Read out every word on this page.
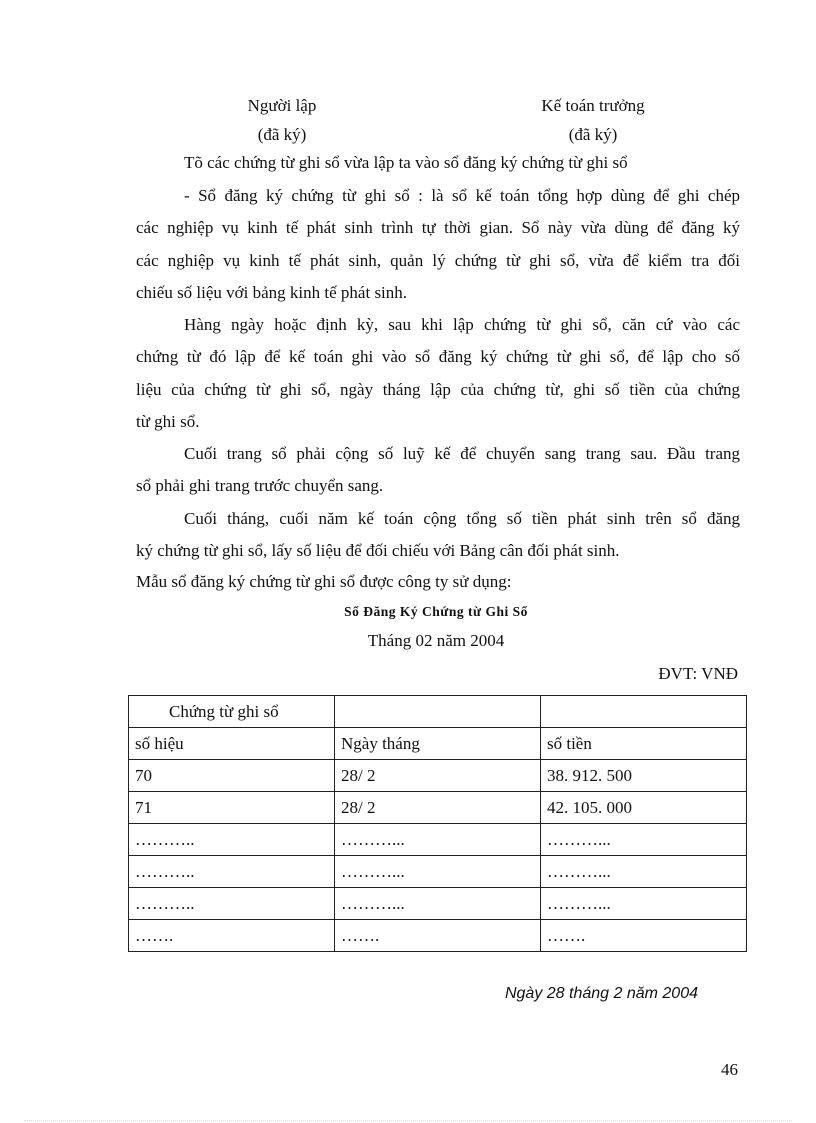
Người lập
(đã ký)
Kế toán trưởng
(đã ký)
Tõ các chứng từ ghi sổ vừa lập ta vào sổ đăng ký chứng từ ghi sổ
- Sổ đăng ký chứng từ ghi sổ : là sổ kế toán tổng hợp dùng để ghi chép
các nghiệp vụ kinh tế phát sinh trình tự thời gian. Sổ này vừa dùng để đăng ký
các nghiệp vụ kinh tế phát sinh, quản lý chứng từ ghi sổ, vừa để kiểm tra đối
chiếu số liệu với bảng kinh tế phát sinh.
Hàng ngày hoặc định kỳ, sau khi lập chứng từ ghi sổ, căn cứ vào các
chứng từ đó lập để kế toán ghi vào sổ đăng ký chứng từ ghi sổ, để lập cho số
liệu của chứng từ ghi sổ, ngày tháng lập của chứng từ, ghi số tiền của chứng
từ ghi sổ.
Cuối trang sổ phải cộng số luỹ kế để chuyển sang trang sau. Đầu trang
sổ phải ghi trang trước chuyển sang.
Cuối tháng, cuối năm kế toán cộng tổng số tiền phát sinh trên sổ đăng
ký chứng từ ghi sổ, lấy số liệu để đối chiếu với Bảng cân đối phát sinh.
Mẫu sổ đăng ký chứng từ ghi sổ được công ty sử dụng:
Sổ Đăng Ký Chứng từ Ghi Sổ
Tháng 02 năm 2004
ĐVT: VNĐ
Chứng từ ghi sổ		
số hiệu	Ngày tháng	số tiền
70	28/ 2	38. 912. 500
71	28/ 2	42. 105. 000
………..	………...	………...
………..	………...	………...
………..	………...	………...
…….	…….	…….
Ngày 28 tháng 2 năm 2004
46
